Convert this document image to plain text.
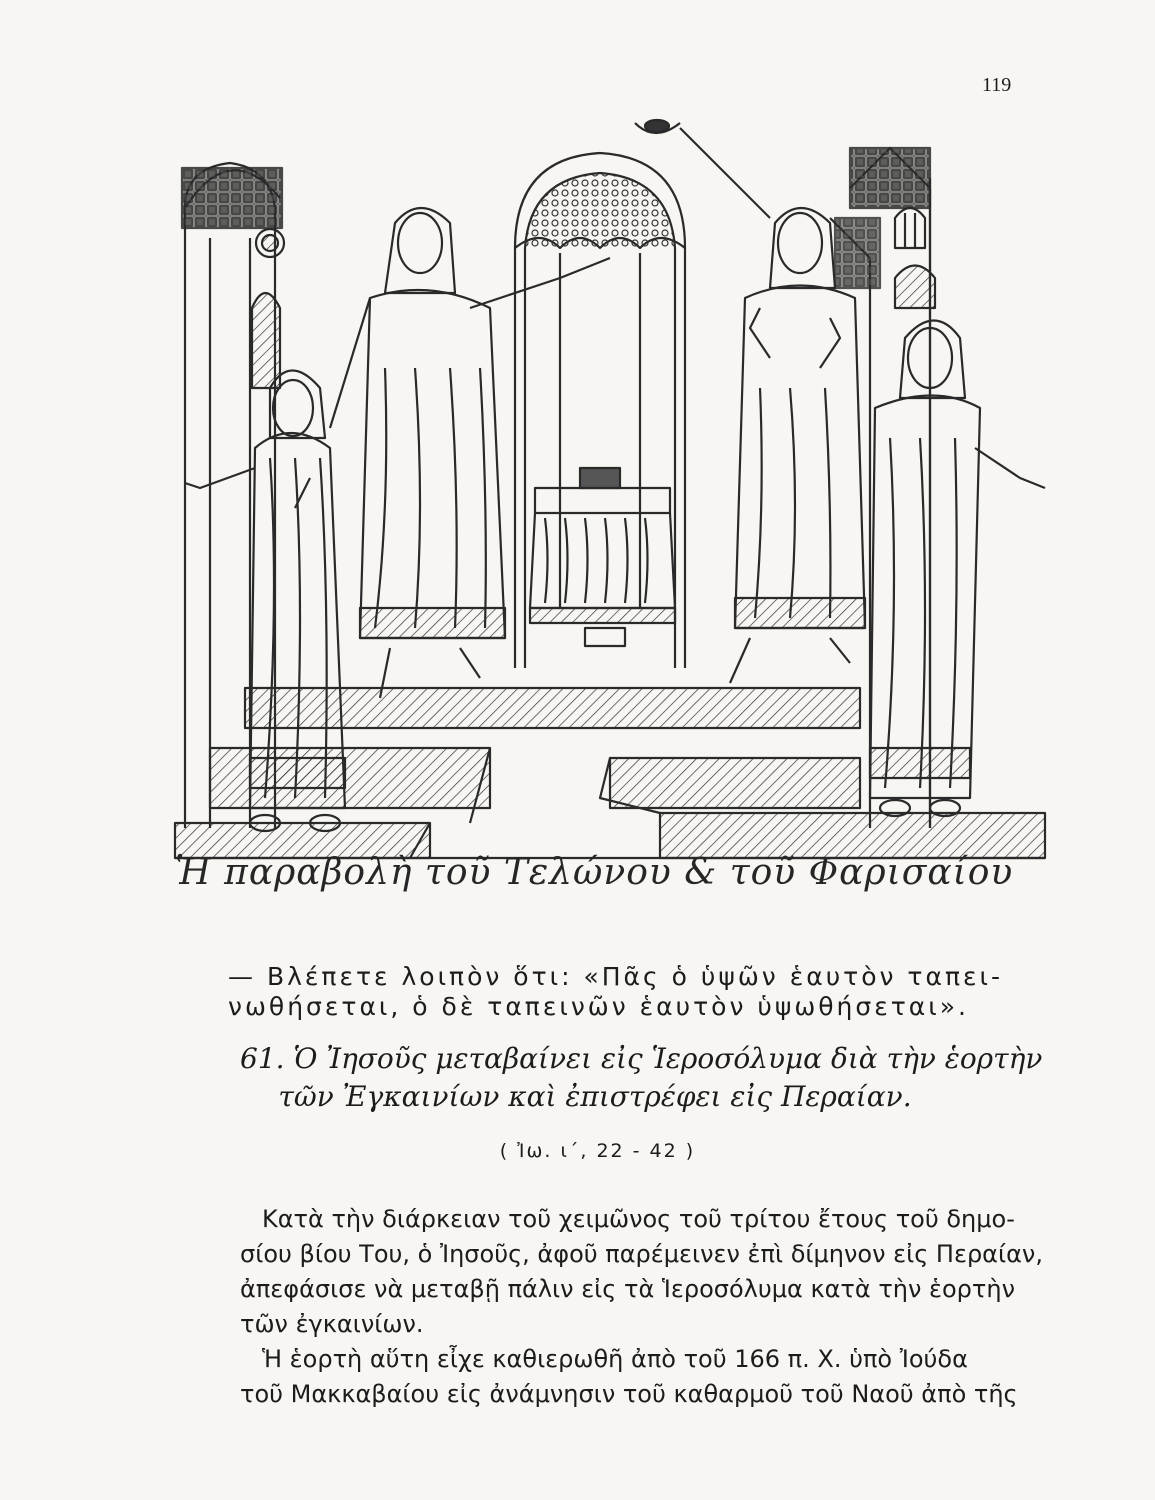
119
Ἡ παραβολὴ τοῦ Τελώνου & τοῦ Φαρισαίου
— Βλέπετε λοιπὸν ὅτι: «Πᾶς ὁ ὑψῶν ἑαυτὸν ταπει-
νωθήσεται, ὁ δὲ ταπεινῶν ἑαυτὸν ὑψωθήσεται».
61. Ὁ Ἰησοῦς μεταβαίνει εἰς Ἱεροσόλυμα διὰ τὴν ἑορτὴν
τῶν Ἐγκαινίων καὶ ἐπιστρέφει εἰς Περαίαν.
( Ἰω. ι΄, 22 - 42 )
Κατὰ τὴν διάρκειαν τοῦ χειμῶνος τοῦ τρίτου ἔτους τοῦ δημο-
σίου βίου Του, ὁ Ἰησοῦς, ἀφοῦ παρέμεινεν ἐπὶ δίμηνον εἰς Περαίαν,
ἀπεφάσισε νὰ μεταβῇ πάλιν εἰς τὰ Ἱεροσόλυμα κατὰ τὴν ἑορτὴν
τῶν ἐγκαινίων.
Ἡ ἑορτὴ αὕτη εἶχε καθιερωθῆ ἀπὸ τοῦ 166 π. Χ. ὑπὸ Ἰούδα
τοῦ Μακκαβαίου εἰς ἀνάμνησιν τοῦ καθαρμοῦ τοῦ Ναοῦ ἀπὸ τῆς
